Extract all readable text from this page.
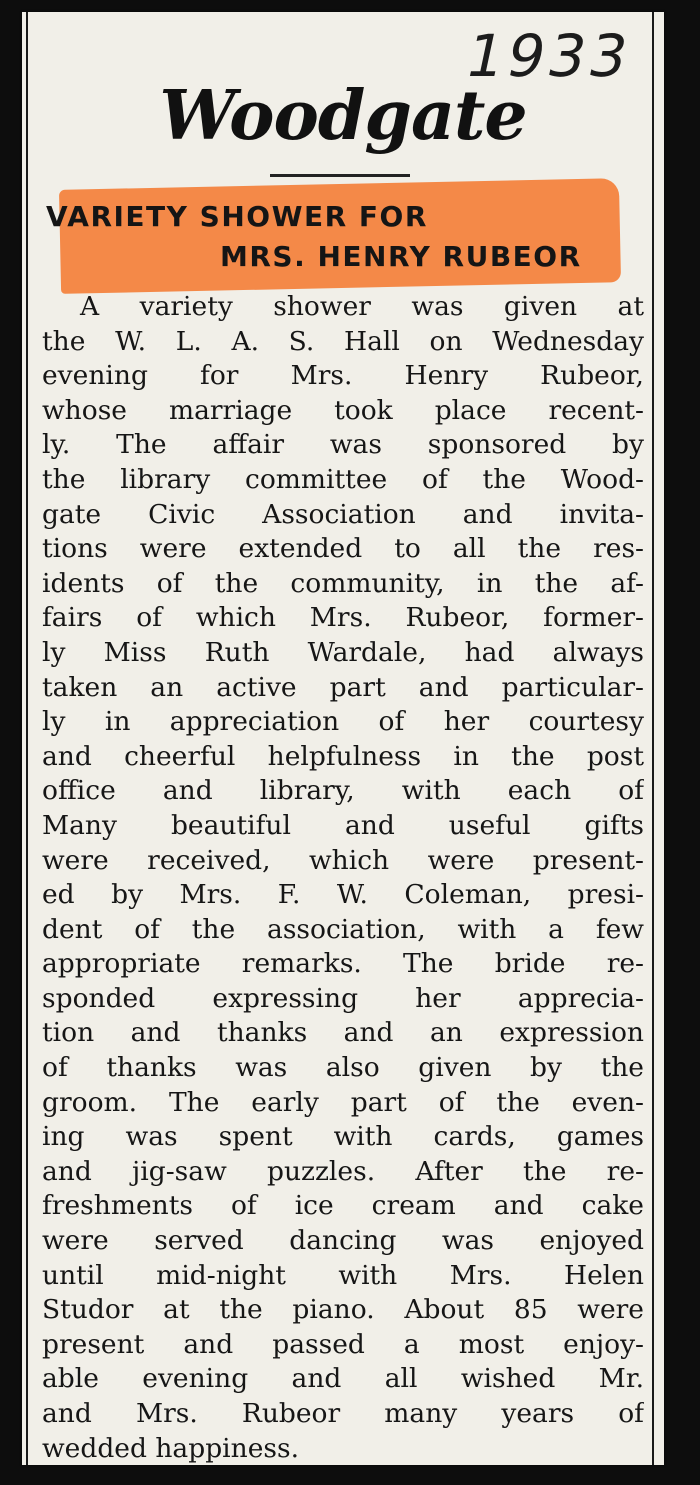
1933
Woodgate
VARIETY SHOWER FOR
MRS. HENRY RUBEOR
A variety shower was given at
the W. L. A. S. Hall on Wednesday
evening for Mrs. Henry Rubeor,
whose marriage took place recent-
ly. The affair was sponsored by
the library committee of the Wood-
gate Civic Association and invita-
tions were extended to all the res-
idents of the community, in the af-
fairs of which Mrs. Rubeor, former-
ly Miss Ruth Wardale, had always
taken an active part and particular-
ly in appreciation of her courtesy
and cheerful helpfulness in the post
office and library, with each of
Many beautiful and useful gifts
were received, which were present-
ed by Mrs. F. W. Coleman, presi-
dent of the association, with a few
appropriate remarks. The bride re-
sponded expressing her apprecia-
tion and thanks and an expression
of thanks was also given by the
groom. The early part of the even-
ing was spent with cards, games
and jig-saw puzzles. After the re-
freshments of ice cream and cake
were served dancing was enjoyed
until mid-night with Mrs. Helen
Studor at the piano. About 85 were
present and passed a most enjoy-
able evening and all wished Mr.
and Mrs. Rubeor many years of
wedded happiness.
